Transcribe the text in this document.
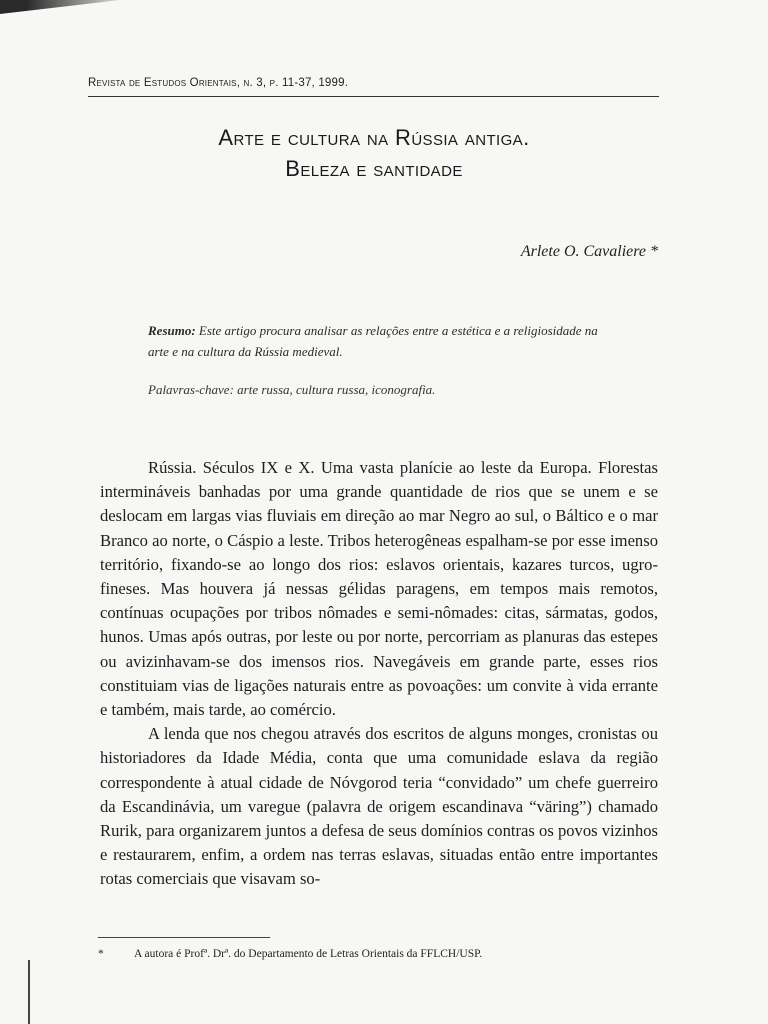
Revista de Estudos Orientais, n. 3, p. 11-37, 1999.
Arte e cultura na Rússia antiga.
Beleza e santidade
Arlete O. Cavaliere *
Resumo: Este artigo procura analisar as relações entre a estética e a religiosidade na arte e na cultura da Rússia medieval.
Palavras-chave: arte russa, cultura russa, iconografia.

Rússia. Séculos IX e X. Uma vasta planície ao leste da Europa. Florestas intermináveis banhadas por uma grande quantidade de rios que se unem e se deslocam em largas vias fluviais em direção ao mar Negro ao sul, o Báltico e o mar Branco ao norte, o Cáspio a leste. Tribos heterogêneas espalham-se por esse imenso território, fixando-se ao longo dos rios: eslavos orientais, kazares turcos, ugro-fineses. Mas houvera já nessas gélidas paragens, em tempos mais remotos, contínuas ocupações por tribos nômades e semi-nômades: citas, sármatas, godos, hunos. Umas após outras, por leste ou por norte, percorriam as planuras das estepes ou avizinhavam-se dos imensos rios. Navegáveis em grande parte, esses rios constituiam vias de ligações naturais entre as povoações: um convite à vida errante e também, mais tarde, ao comércio.

A lenda que nos chegou através dos escritos de alguns monges, cronistas ou historiadores da Idade Média, conta que uma comunidade eslava da região correspondente à atual cidade de Nóvgorod teria “convidado” um chefe guerreiro da Escandinávia, um varegue (palavra de origem escandinava “väring”) chamado Rurik, para organizarem juntos a defesa de seus domínios contras os povos vizinhos e restaurarem, enfim, a ordem nas terras eslavas, situadas então entre importantes rotas comerciais que visavam so-

*	A autora é Profª. Drª. do Departamento de Letras Orientais da FFLCH/USP.
